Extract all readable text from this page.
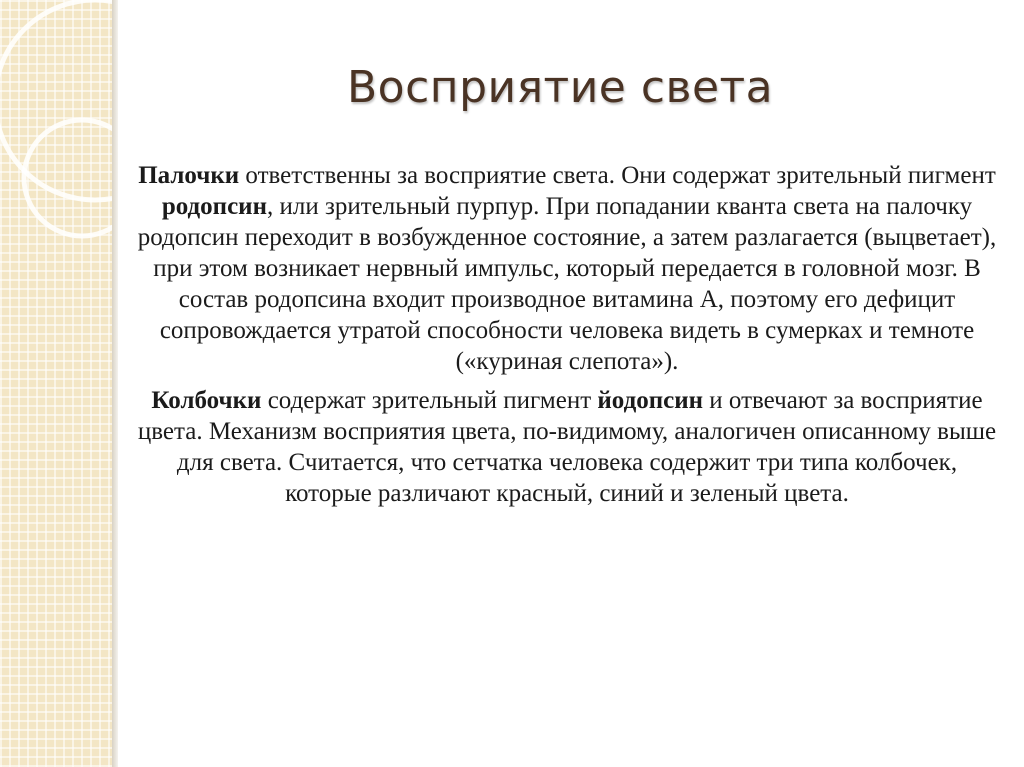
Восприятие света

Палочки ответственны за восприятие света. Они содержат зрительный пигмент родопсин, или зрительный пурпур. При попадании кванта света на палочку родопсин переходит в возбужденное состояние, а затем разлагается (выцветает), при этом возникает нервный импульс, который передается в головной мозг. В состав родопсина входит производное витамина А, поэтому его дефицит сопровождается утратой способности человека видеть в сумерках и темноте («куриная слепота»).

Колбочки содержат зрительный пигмент йодопсин и отвечают за восприятие цвета. Механизм восприятия цвета, по-видимому, аналогичен описанному выше для света. Считается, что сетчатка человека содержит три типа колбочек, которые различают красный, синий и зеленый цвета.
